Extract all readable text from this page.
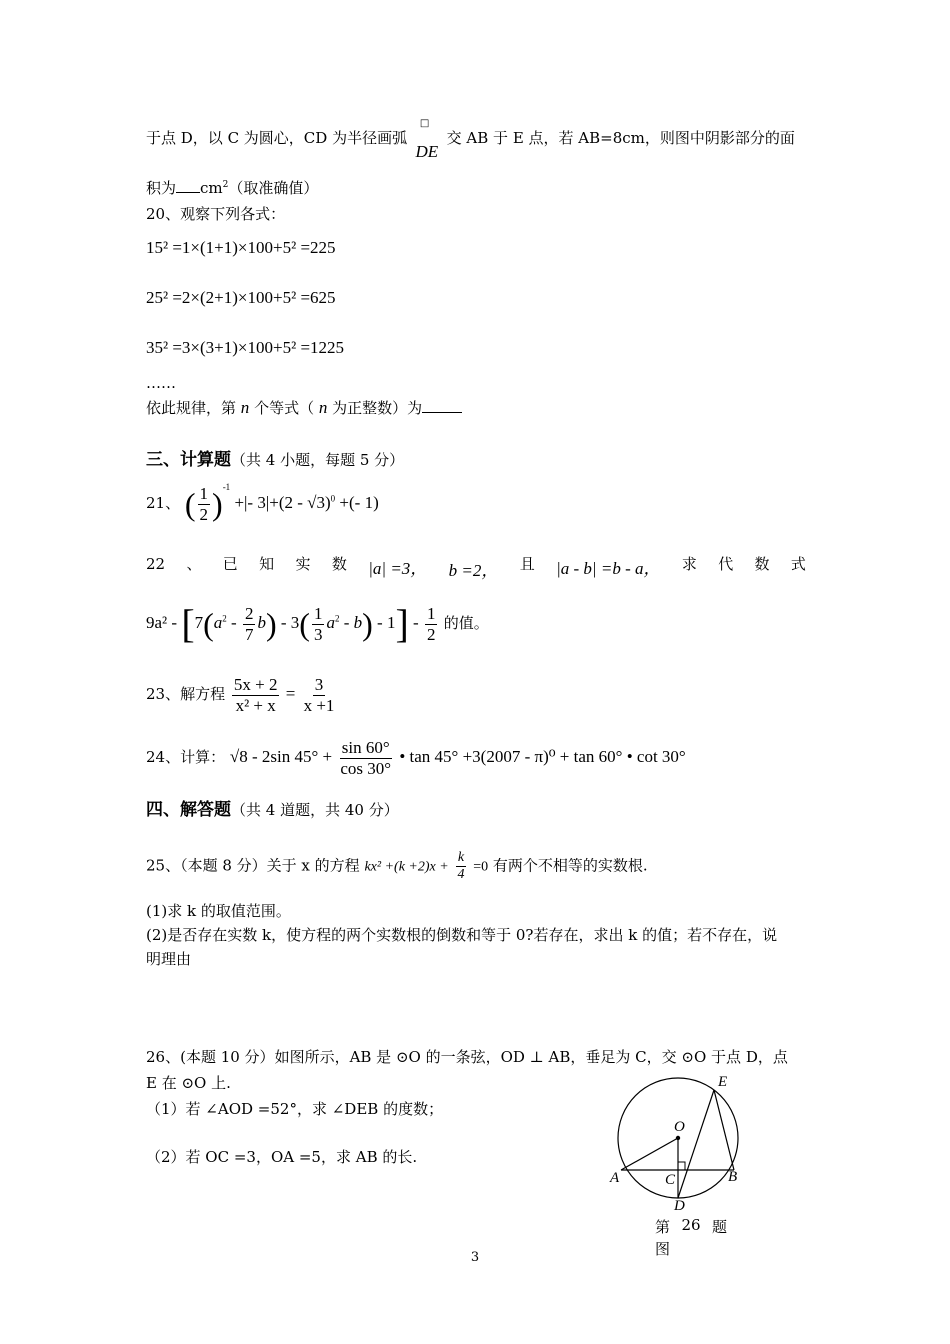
于点 D，以 C 为圆心，CD 为半径画弧
□
DE 交 AB 于 E 点，若 AB=8cm，则图中阴影部分的面
积为 $cm^2$（取准确值）
20、观察下列各式：
15² =1×(1+1)×100+5² =225
25² =2×(2+1)×100+5² =625
35² =3×(3+1)×100+5² =1225
……
依此规律，第 n 个等式（ n 为正整数）为
三、计算题（共 4 小题，每题 5 分）
21、 ( $\frac{1}{2} )^{-1}$ +|- 3|+(2 - √3)$^0$ +(- 1)
22 、 已 知 实 数 |a| =3， b =2， 且 |a - b| =b - a， 求 代 数 式
$9a^2 - [7(a^2 - \frac{2}{7} b) - 3( \frac{1}{3} a^2 - b) - 1] - \frac{1}{2}$ 的值。
23、解方程 $\frac{5x + 2}{\text{x² + x}} = \frac{3}{x +1}$
24、计算： √8 - 2sin $45^\circ + \frac{\sin 60^\circ}{\cos 30^\circ}$ • tan 45° +3(2007 - π)⁰ + tan 60° • cot 30°
四、解答题（共 4 道题，共 40 分）
25、（本题 8 分）关于 x 的方程 $kx^2 +(k +2)x + \frac{k}{4} =0$ 有两个不相等的实数根.
(1)求 k 的取值范围。
(2)是否存在实数 k，使方程的两个实数根的倒数和等于 0?若存在，求出 k 的值；若不存在，说
明理由
26、(本题 10 分）如图所示，AB 是 ⊙O 的一条弦，OD ⊥ AB，垂足为 C，交 ⊙O 于点 D，点
E 在 ⊙O 上.
（1）若 ∠AOD =52°，求 ∠DEB 的度数；
（2）若 OC =3，OA =5，求 AB 的长.
E
O
A	C	B
D
第 26 题
图
3
